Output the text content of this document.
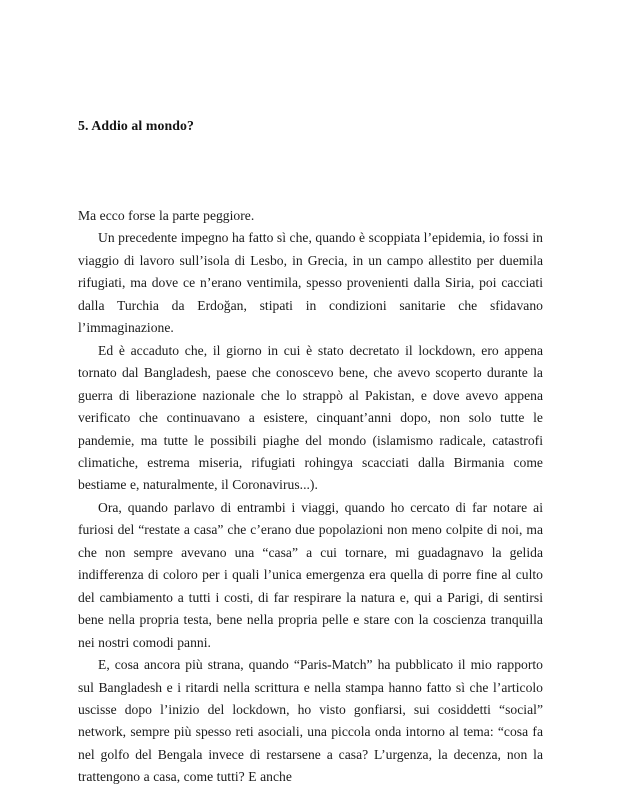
5. Addio al mondo?

Ma ecco forse la parte peggiore.

Un precedente impegno ha fatto sì che, quando è scoppiata l’epidemia, io fossi in viaggio di lavoro sull’isola di Lesbo, in Grecia, in un campo allestito per duemila rifugiati, ma dove ce n’erano ventimila, spesso provenienti dalla Siria, poi cacciati dalla Turchia da Erdoğan, stipati in condizioni sanitarie che sfidavano l’immaginazione.

Ed è accaduto che, il giorno in cui è stato decretato il lockdown, ero appena tornato dal Bangladesh, paese che conoscevo bene, che avevo scoperto durante la guerra di liberazione nazionale che lo strappò al Pakistan, e dove avevo appena verificato che continuavano a esistere, cinquant’anni dopo, non solo tutte le pandemie, ma tutte le possibili piaghe del mondo (islamismo radicale, catastrofi climatiche, estrema miseria, rifugiati rohingya scacciati dalla Birmania come bestiame e, naturalmente, il Coronavirus...).

Ora, quando parlavo di entrambi i viaggi, quando ho cercato di far notare ai furiosi del “restate a casa” che c’erano due popolazioni non meno colpite di noi, ma che non sempre avevano una “casa” a cui tornare, mi guadagnavo la gelida indifferenza di coloro per i quali l’unica emergenza era quella di porre fine al culto del cambiamento a tutti i costi, di far respirare la natura e, qui a Parigi, di sentirsi bene nella propria testa, bene nella propria pelle e stare con la coscienza tranquilla nei nostri comodi panni.

E, cosa ancora più strana, quando “Paris-Match” ha pubblicato il mio rapporto sul Bangladesh e i ritardi nella scrittura e nella stampa hanno fatto sì che l’articolo uscisse dopo l’inizio del lockdown, ho visto gonfiarsi, sui cosiddetti “social” network, sempre più spesso reti asociali, una piccola onda intorno al tema: “cosa fa nel golfo del Bengala invece di restarsene a casa? L’urgenza, la decenza, non la trattengono a casa, come tutti? E anche
